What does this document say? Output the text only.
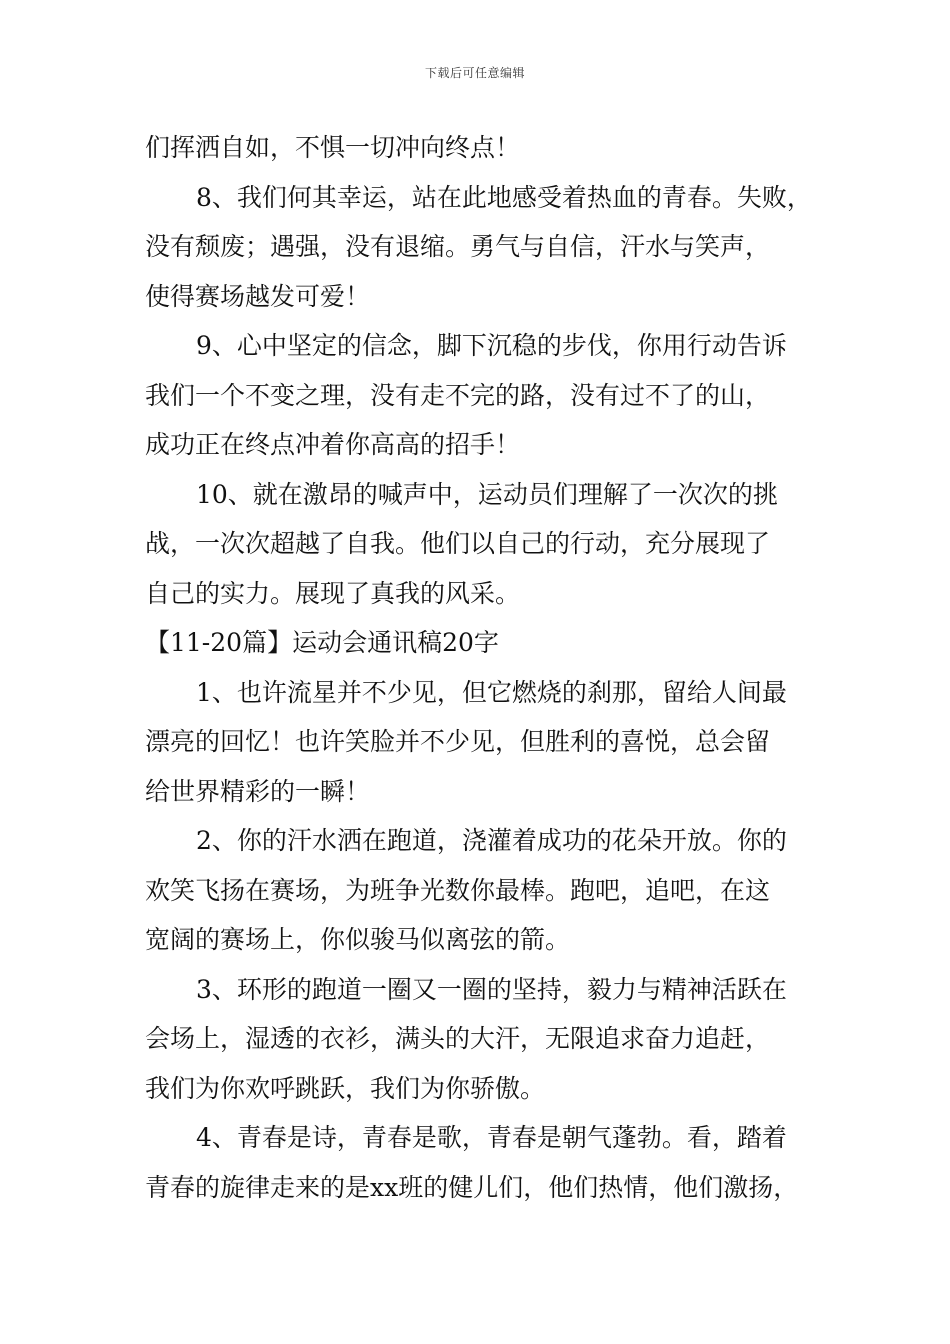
下载后可任意编辑
们挥洒自如，不惧一切冲向终点！
8、我们何其幸运，站在此地感受着热血的青春。失败，
没有颓废；遇强，没有退缩。勇气与自信，汗水与笑声，
使得赛场越发可爱！
9、心中坚定的信念，脚下沉稳的步伐，你用行动告诉
我们一个不变之理，没有走不完的路，没有过不了的山，
成功正在终点冲着你高高的招手！
10、就在激昂的喊声中，运动员们理解了一次次的挑
战，一次次超越了自我。他们以自己的行动，充分展现了
自己的实力。展现了真我的风采。
【11-20篇】运动会通讯稿20字
1、也许流星并不少见，但它燃烧的刹那，留给人间最
漂亮的回忆！也许笑脸并不少见，但胜利的喜悦，总会留
给世界精彩的一瞬！
2、你的汗水洒在跑道，浇灌着成功的花朵开放。你的
欢笑飞扬在赛场，为班争光数你最棒。跑吧，追吧，在这
宽阔的赛场上，你似骏马似离弦的箭。
3、环形的跑道一圈又一圈的坚持，毅力与精神活跃在
会场上，湿透的衣衫，满头的大汗，无限追求奋力追赶，
我们为你欢呼跳跃，我们为你骄傲。
4、青春是诗，青春是歌，青春是朝气蓬勃。看，踏着
青春的旋律走来的是xx班的健儿们，他们热情，他们激扬，
